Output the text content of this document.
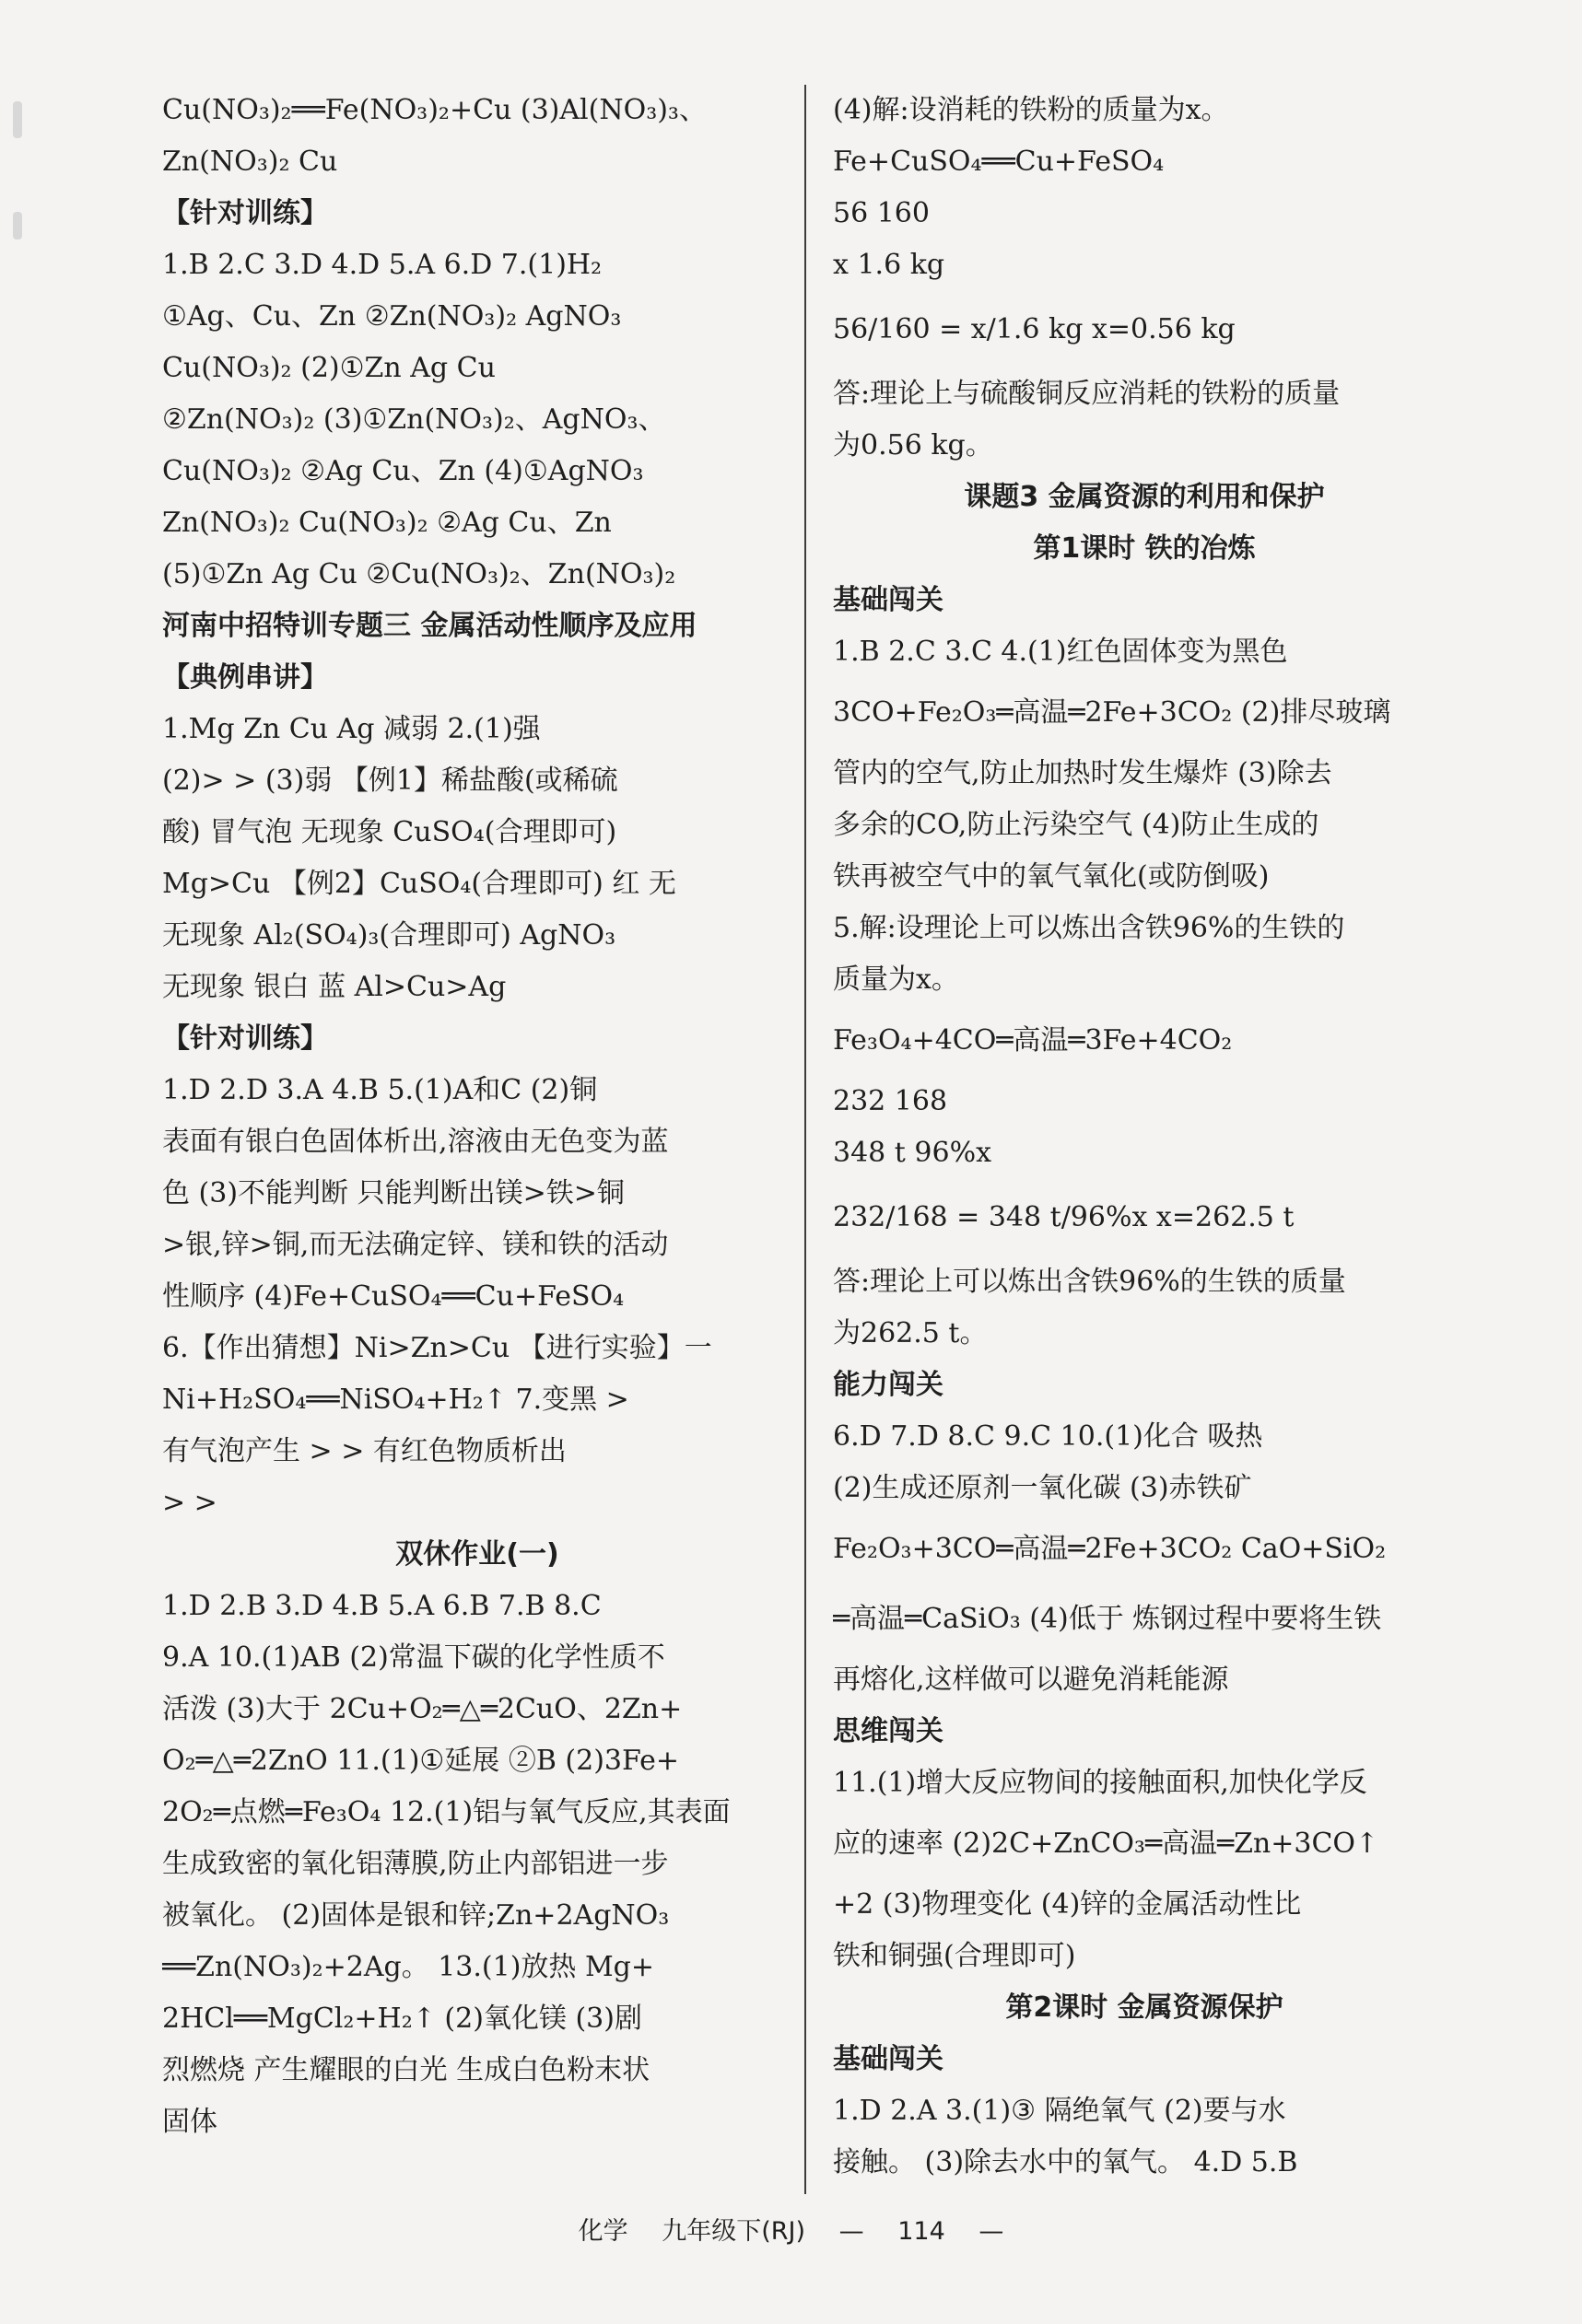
Cu(NO₃)₂══Fe(NO₃)₂+Cu (3)Al(NO₃)₃、
Zn(NO₃)₂ Cu
【针对训练】
1.B 2.C 3.D 4.D 5.A 6.D 7.(1)H₂
①Ag、Cu、Zn ②Zn(NO₃)₂ AgNO₃
Cu(NO₃)₂ (2)①Zn Ag Cu
②Zn(NO₃)₂ (3)①Zn(NO₃)₂、AgNO₃、
Cu(NO₃)₂ ②Ag Cu、Zn (4)①AgNO₃
Zn(NO₃)₂ Cu(NO₃)₂ ②Ag Cu、Zn
(5)①Zn Ag Cu ②Cu(NO₃)₂、Zn(NO₃)₂
河南中招特训专题三 金属活动性顺序及应用
【典例串讲】
1.Mg Zn Cu Ag 减弱 2.(1)强
(2)> > (3)弱 【例1】稀盐酸(或稀硫
酸) 冒气泡 无现象 CuSO₄(合理即可)
Mg>Cu 【例2】CuSO₄(合理即可) 红 无
无现象 Al₂(SO₄)₃(合理即可) AgNO₃
无现象 银白 蓝 Al>Cu>Ag
【针对训练】
1.D 2.D 3.A 4.B 5.(1)A和C (2)铜
表面有银白色固体析出,溶液由无色变为蓝
色 (3)不能判断 只能判断出镁>铁>铜
>银,锌>铜,而无法确定锌、镁和铁的活动
性顺序 (4)Fe+CuSO₄══Cu+FeSO₄
6.【作出猜想】Ni>Zn>Cu 【进行实验】一
Ni+H₂SO₄══NiSO₄+H₂↑ 7.变黑 >
有气泡产生 > > 有红色物质析出
> >
双休作业(一)
1.D 2.B 3.D 4.B 5.A 6.B 7.B 8.C
9.A 10.(1)AB (2)常温下碳的化学性质不
活泼 (3)大于 2Cu+O₂═△═2CuO、2Zn+
O₂═△═2ZnO 11.(1)①延展 ②B (2)3Fe+
2O₂═点燃═Fe₃O₄ 12.(1)铝与氧气反应,其表面
生成致密的氧化铝薄膜,防止内部铝进一步
被氧化。 (2)固体是银和锌;Zn+2AgNO₃
══Zn(NO₃)₂+2Ag。 13.(1)放热 Mg+
2HCl══MgCl₂+H₂↑ (2)氧化镁 (3)剧
烈燃烧 产生耀眼的白光 生成白色粉末状
固体
(4)解:设消耗的铁粉的质量为x。
Fe+CuSO₄══Cu+FeSO₄
56 160
x 1.6 kg
56/160 = x/1.6 kg x=0.56 kg
答:理论上与硫酸铜反应消耗的铁粉的质量
为0.56 kg。
课题3 金属资源的利用和保护
第1课时 铁的冶炼
基础闯关
1.B 2.C 3.C 4.(1)红色固体变为黑色
3CO+Fe₂O₃═高温═2Fe+3CO₂ (2)排尽玻璃
管内的空气,防止加热时发生爆炸 (3)除去
多余的CO,防止污染空气 (4)防止生成的
铁再被空气中的氧气氧化(或防倒吸)
5.解:设理论上可以炼出含铁96%的生铁的
质量为x。
Fe₃O₄+4CO═高温═3Fe+4CO₂
232 168
348 t 96%x
232/168 = 348 t/96%x x=262.5 t
答:理论上可以炼出含铁96%的生铁的质量
为262.5 t。
能力闯关
6.D 7.D 8.C 9.C 10.(1)化合 吸热
(2)生成还原剂一氧化碳 (3)赤铁矿
Fe₂O₃+3CO═高温═2Fe+3CO₂ CaO+SiO₂
═高温═CaSiO₃ (4)低于 炼钢过程中要将生铁
再熔化,这样做可以避免消耗能源
思维闯关
11.(1)增大反应物间的接触面积,加快化学反
应的速率 (2)2C+ZnCO₃═高温═Zn+3CO↑
+2 (3)物理变化 (4)锌的金属活动性比
铁和铜强(合理即可)
第2课时 金属资源保护
基础闯关
1.D 2.A 3.(1)③ 隔绝氧气 (2)要与水
接触。 (3)除去水中的氧气。 4.D 5.B
化学 九年级下(RJ) — 114 —
